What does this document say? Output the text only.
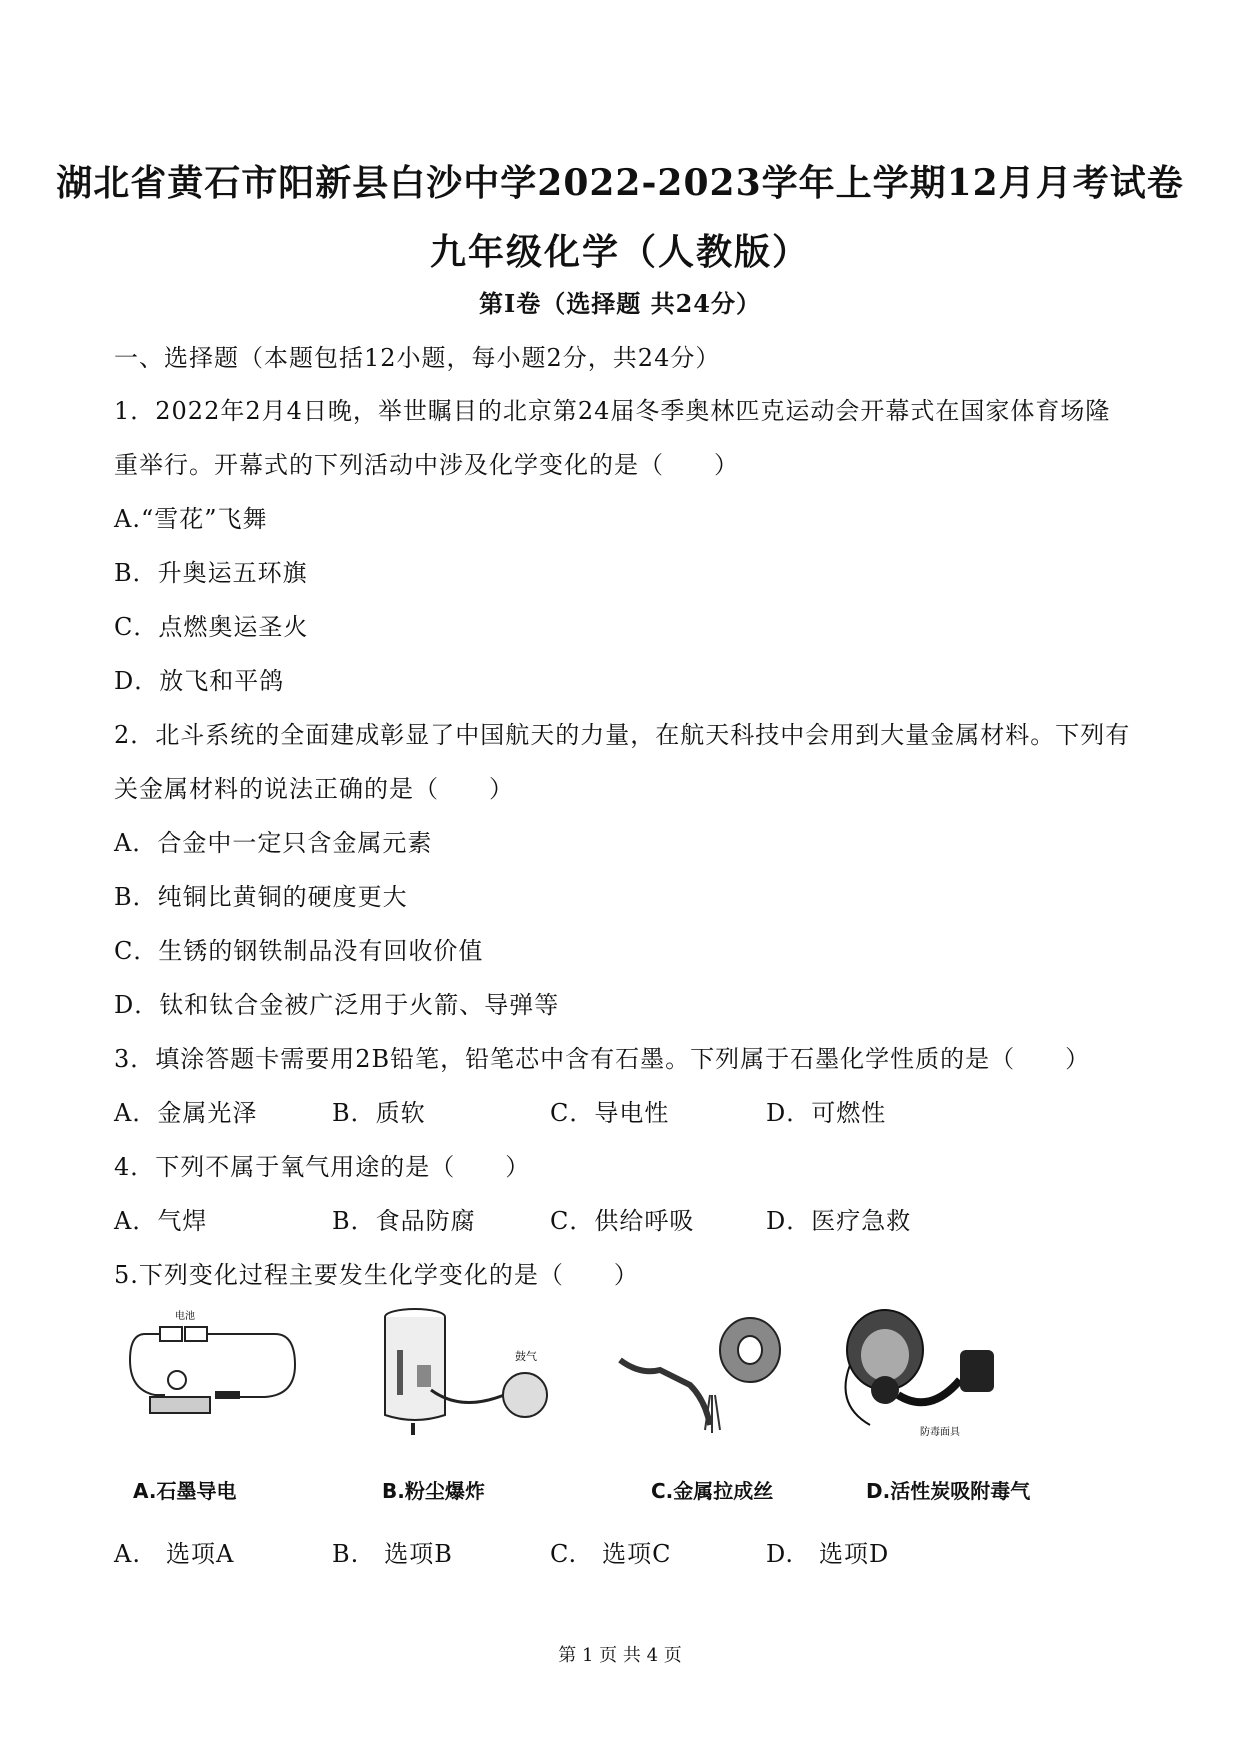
湖北省黄石市阳新县白沙中学2022-2023学年上学期12月月考试卷
九年级化学（人教版）
第Ⅰ卷（选择题 共24分）
一、选择题（本题包括12小题，每小题2分，共24分）
1．2022年2月4日晚，举世瞩目的北京第24届冬季奥林匹克运动会开幕式在国家体育场隆
重举行。开幕式的下列活动中涉及化学变化的是（　　）
A.“雪花”飞舞
B．升奥运五环旗
C．点燃奥运圣火
D．放飞和平鸽
2．北斗系统的全面建成彰显了中国航天的力量，在航天科技中会用到大量金属材料。下列有
关金属材料的说法正确的是（　　）
A．合金中一定只含金属元素
B．纯铜比黄铜的硬度更大
C．生锈的钢铁制品没有回收价值
D．钛和钛合金被广泛用于火箭、导弹等
3．填涂答题卡需要用2B铅笔，铅笔芯中含有石墨。下列属于石墨化学性质的是（　　）
A．金属光泽	B．质软	C．导电性	D．可燃性
4．下列不属于氧气用途的是（　　）
A．气焊	B．食品防腐	C．供给呼吸	D．医疗急救
5.下列变化过程主要发生化学变化的是（　　）
电池
鼓气
防毒面具
A.石墨导电	B.粉尘爆炸	C.金属拉成丝	D.活性炭吸附毒气
A.　选项A	B.　选项B	C.　选项C	D.　选项D
第 1 页 共 4 页
